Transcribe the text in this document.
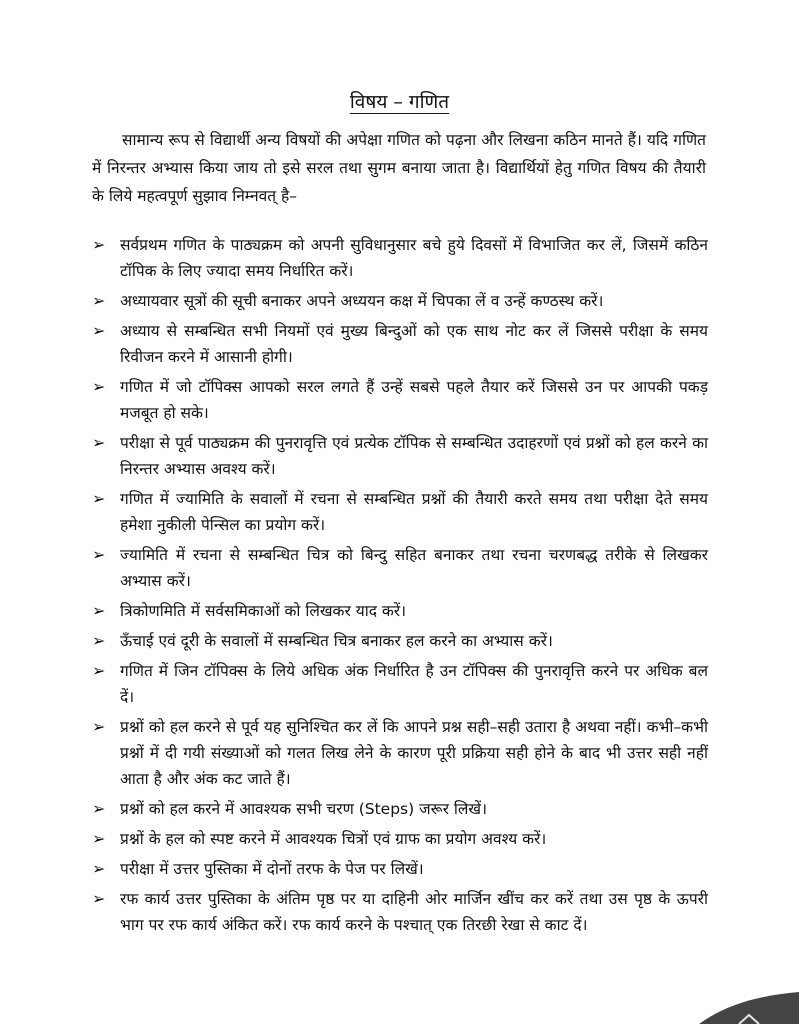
विषय – गणित

सामान्य रूप से विद्यार्थी अन्य विषयों की अपेक्षा गणित को पढ़ना और लिखना कठिन मानते हैं। यदि गणित में निरन्तर अभ्यास किया जाय तो इसे सरल तथा सुगम बनाया जाता है। विद्यार्थियों हेतु गणित विषय की तैयारी के लिये महत्वपूर्ण सुझाव निम्नवत् है–

➢ सर्वप्रथम गणित के पाठ्यक्रम को अपनी सुविधानुसार बचे हुये दिवसों में विभाजित कर लें, जिसमें कठिन टॉपिक के लिए ज्यादा समय निर्धारित करें।
➢ अध्यायवार सूत्रों की सूची बनाकर अपने अध्ययन कक्ष में चिपका लें व उन्हें कण्ठस्थ करें।
➢ अध्याय से सम्बन्धित सभी नियमों एवं मुख्य बिन्दुओं को एक साथ नोट कर लें जिससे परीक्षा के समय रिवीजन करने में आसानी होगी।
➢ गणित में जो टॉपिक्स आपको सरल लगते हैं उन्हें सबसे पहले तैयार करें जिससे उन पर आपकी पकड़ मजबूत हो सके।
➢ परीक्षा से पूर्व पाठ्यक्रम की पुनरावृत्ति एवं प्रत्येक टॉपिक से सम्बन्धित उदाहरणों एवं प्रश्नों को हल करने का निरन्तर अभ्यास अवश्य करें।
➢ गणित में ज्यामिति के सवालों में रचना से सम्बन्धित प्रश्नों की तैयारी करते समय तथा परीक्षा देते समय हमेशा नुकीली पेन्सिल का प्रयोग करें।
➢ ज्यामिति में रचना से सम्बन्धित चित्र को बिन्दु सहित बनाकर तथा रचना चरणबद्ध तरीके से लिखकर अभ्यास करें।
➢ त्रिकोणमिति में सर्वसमिकाओं को लिखकर याद करें।
➢ ऊँचाई एवं दूरी के सवालों में सम्बन्धित चित्र बनाकर हल करने का अभ्यास करें।
➢ गणित में जिन टॉपिक्स के लिये अधिक अंक निर्धारित है उन टॉपिक्स की पुनरावृत्ति करने पर अधिक बल दें।
➢ प्रश्नों को हल करने से पूर्व यह सुनिश्चित कर लें कि आपने प्रश्न सही–सही उतारा है अथवा नहीं। कभी–कभी प्रश्नों में दी गयी संख्याओं को गलत लिख लेने के कारण पूरी प्रक्रिया सही होने के बाद भी उत्तर सही नहीं आता है और अंक कट जाते हैं।
➢ प्रश्नों को हल करने में आवश्यक सभी चरण (Steps) जरूर लिखें।
➢ प्रश्नों के हल को स्पष्ट करने में आवश्यक चित्रों एवं ग्राफ का प्रयोग अवश्य करें।
➢ परीक्षा में उत्तर पुस्तिका में दोनों तरफ के पेज पर लिखें।
➢ रफ कार्य उत्तर पुस्तिका के अंतिम पृष्ठ पर या दाहिनी ओर मार्जिन खींच कर करें तथा उस पृष्ठ के ऊपरी भाग पर रफ कार्य अंकित करें। रफ कार्य करने के पश्चात् एक तिरछी रेखा से काट दें।
